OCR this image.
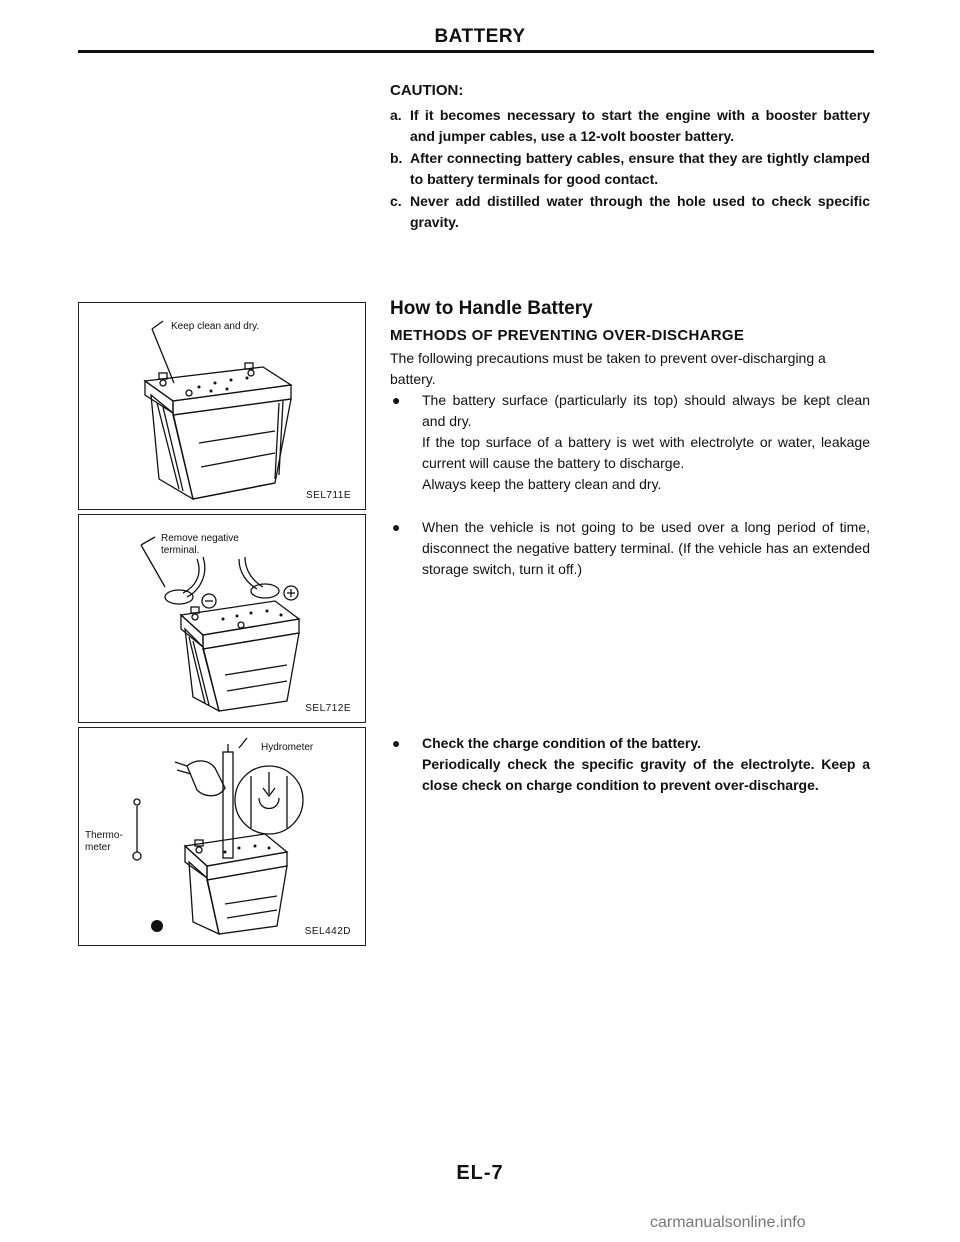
BATTERY
CAUTION:
a. If it becomes necessary to start the engine with a booster battery and jumper cables, use a 12-volt booster battery.
b. After connecting battery cables, ensure that they are tightly clamped to battery terminals for good contact.
c. Never add distilled water through the hole used to check specific gravity.
How to Handle Battery
METHODS OF PREVENTING OVER-DISCHARGE
The following precautions must be taken to prevent over-discharging a battery.
●	The battery surface (particularly its top) should always be kept clean and dry.

If the top surface of a battery is wet with electrolyte or water, leakage current will cause the battery to discharge.

Always keep the battery clean and dry.

●	When the vehicle is not going to be used over a long period of time, disconnect the negative battery terminal. (If the vehicle has an extended storage switch, turn it off.)

●	Check the charge condition of the battery.

Periodically check the specific gravity of the electrolyte. Keep a close check on charge condition to prevent over-discharge.

Keep clean and dry.
SEL711E
Remove negative terminal.
SEL712E
Hydrometer
Thermo-meter
SEL442D
EL-7
carmanualsonline.info
